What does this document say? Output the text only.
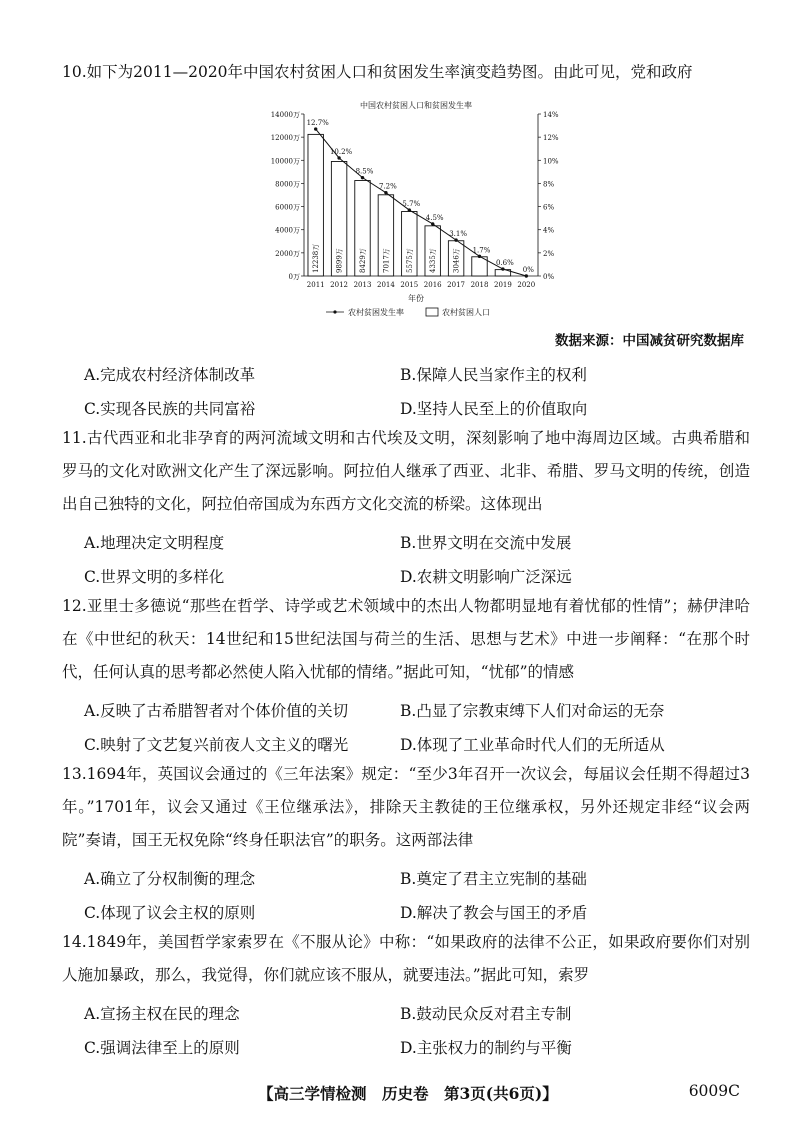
10.如下为2011—2020年中国农村贫困人口和贫困发生率演变趋势图。由此可见，党和政府
中国农村贫困人口和贫困发生率
0万
2000万
4000万
6000万
8000万
10000万
12000万
14000万
0%
2%
4%
6%
8%
10%
12%
14%
12238万
2011
9899万
2012
8429万
2013
7017万
2014
5575万
2015
4335万
2016
3046万
2017 2018 2019 2020
12.7%
10.2%
8.5%
7.2%
5.7%
4.5%
3.1%
1.7%
0.6%
0%
年份
农村贫困发生率	农村贫困人口
数据来源：中国减贫研究数据库
A.完成农村经济体制改革	B.保障人民当家作主的权利
C.实现各民族的共同富裕	D.坚持人民至上的价值取向
11.古代西亚和北非孕育的两河流域文明和古代埃及文明，深刻影响了地中海周边区域。古典希腊和罗马的文化对欧洲文化产生了深远影响。阿拉伯人继承了西亚、北非、希腊、罗马文明的传统，创造出自己独特的文化，阿拉伯帝国成为东西方文化交流的桥梁。这体现出
A.地理决定文明程度	B.世界文明在交流中发展
C.世界文明的多样化	D.农耕文明影响广泛深远
12.亚里士多德说“那些在哲学、诗学或艺术领域中的杰出人物都明显地有着忧郁的性情”；赫伊津哈在《中世纪的秋天：14世纪和15世纪法国与荷兰的生活、思想与艺术》中进一步阐释：“在那个时代，任何认真的思考都必然使人陷入忧郁的情绪。”据此可知，“忧郁”的情感
A.反映了古希腊智者对个体价值的关切	B.凸显了宗教束缚下人们对命运的无奈
C.映射了文艺复兴前夜人文主义的曙光	D.体现了工业革命时代人们的无所适从
13.1694年，英国议会通过的《三年法案》规定：“至少3年召开一次议会，每届议会任期不得超过3年。”1701年，议会又通过《王位继承法》，排除天主教徒的王位继承权，另外还规定非经“议会两院”奏请，国王无权免除“终身任职法官”的职务。这两部法律
A.确立了分权制衡的理念	B.奠定了君主立宪制的基础
C.体现了议会主权的原则	D.解决了教会与国王的矛盾
14.1849年，美国哲学家索罗在《不服从论》中称：“如果政府的法律不公正，如果政府要你们对别人施加暴政，那么，我觉得，你们就应该不服从，就要违法。”据此可知，索罗
A.宣扬主权在民的理念	B.鼓动民众反对君主专制
C.强调法律至上的原则	D.主张权力的制约与平衡
【高三学情检测　历史卷　第3页(共6页)】	6009C
